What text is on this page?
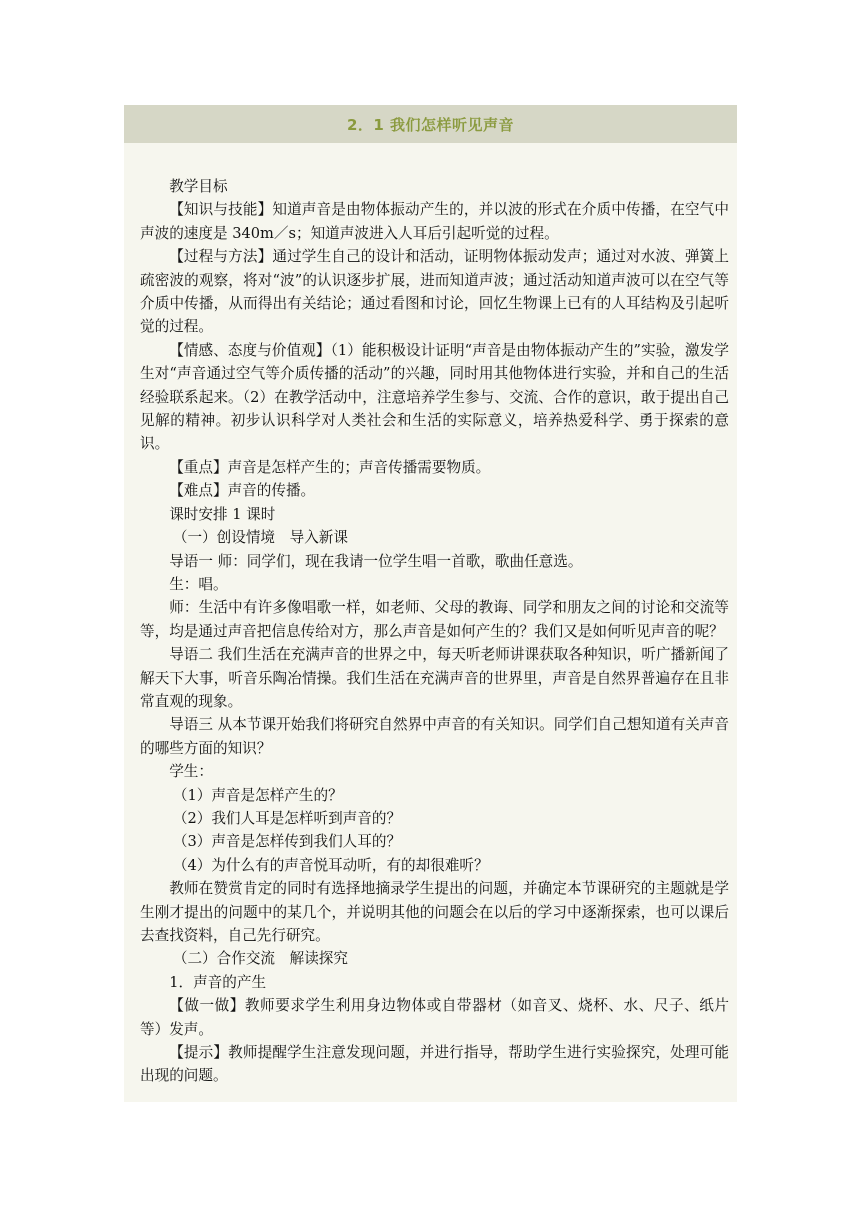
2．1 我们怎样听见声音

教学目标

【知识与技能】知道声音是由物体振动产生的，并以波的形式在介质中传播，在空气中声波的速度是 340m／s；知道声波进入人耳后引起听觉的过程。

【过程与方法】通过学生自己的设计和活动，证明物体振动发声；通过对水波、弹簧上疏密波的观察，将对“波”的认识逐步扩展，进而知道声波；通过活动知道声波可以在空气等介质中传播，从而得出有关结论；通过看图和讨论，回忆生物课上已有的人耳结构及引起听觉的过程。

【情感、态度与价值观】（1）能积极设计证明“声音是由物体振动产生的”实验，激发学生对“声音通过空气等介质传播的活动”的兴趣，同时用其他物体进行实验，并和自己的生活经验联系起来。（2）在教学活动中，注意培养学生参与、交流、合作的意识，敢于提出自己见解的精神。初步认识科学对人类社会和生活的实际意义，培养热爱科学、勇于探索的意识。

【重点】声音是怎样产生的；声音传播需要物质。

【难点】声音的传播。

课时安排 1 课时

（一）创设情境　导入新课

导语一 师：同学们，现在我请一位学生唱一首歌，歌曲任意选。

生：唱。

师：生活中有许多像唱歌一样，如老师、父母的教诲、同学和朋友之间的讨论和交流等等，均是通过声音把信息传给对方，那么声音是如何产生的？我们又是如何听见声音的呢？

导语二 我们生活在充满声音的世界之中，每天听老师讲课获取各种知识，听广播新闻了解天下大事，听音乐陶冶情操。我们生活在充满声音的世界里，声音是自然界普遍存在且非常直观的现象。

导语三 从本节课开始我们将研究自然界中声音的有关知识。同学们自己想知道有关声音的哪些方面的知识？

学生：

（1）声音是怎样产生的？

（2）我们人耳是怎样听到声音的？

（3）声音是怎样传到我们人耳的？

（4）为什么有的声音悦耳动听，有的却很难听？

教师在赞赏肯定的同时有选择地摘录学生提出的问题，并确定本节课研究的主题就是学生刚才提出的问题中的某几个，并说明其他的问题会在以后的学习中逐渐探索，也可以课后去查找资料，自己先行研究。

（二）合作交流　解读探究

1．声音的产生

【做一做】教师要求学生利用身边物体或自带器材（如音叉、烧杯、水、尺子、纸片等）发声。

【提示】教师提醒学生注意发现问题，并进行指导，帮助学生进行实验探究，处理可能出现的问题。
